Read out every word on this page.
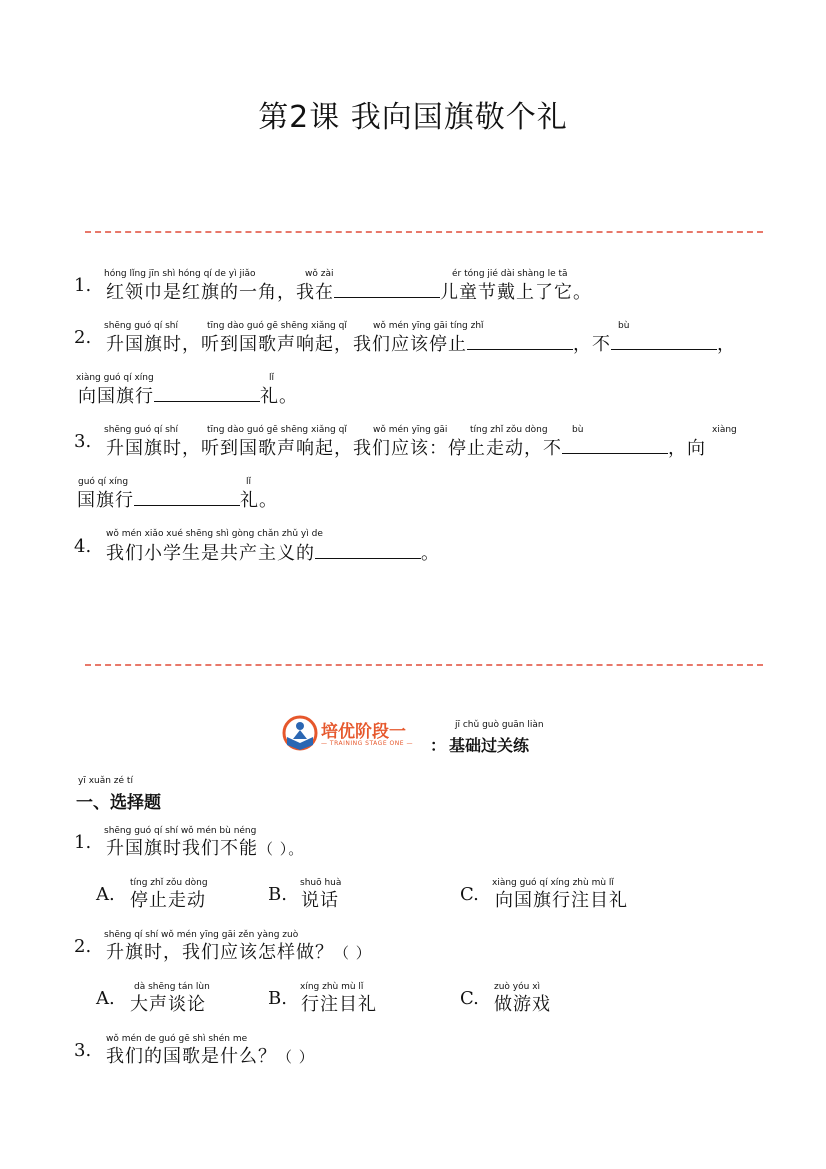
第2课 我向国旗敬个礼
1.
hóng lǐng jīn shì hóng qí de yì jiǎo	wǒ zài	ér tóng jié dài shàng le tā
红领巾是红旗的一角，我在	儿童节戴上了它。
2.
shēng guó qí shí	tīng dào guó gē shēng xiǎng qǐ	wǒ mén yīng gāi tíng zhǐ	bù
升国旗时，听到国歌声响起，我们应该停止	，不	，
xiàng guó qí xíng	lǐ
向国旗行	礼。
3.
shēng guó qí shí	tīng dào guó gē shēng xiǎng qǐ	wǒ mén yīng gāi	tíng zhǐ zǒu dòng	bù	xiàng
升国旗时，听到国歌声响起，我们应该：停止走动，不	，向
guó qí xíng	lǐ
国旗行	礼。
4.
wǒ mén xiǎo xué shēng shì gòng chǎn zhǔ yì de
我们小学生是共产主义的	。
培优阶段一
— TRAINING STAGE ONE — ：
jī chǔ guò guān liàn
基础过关练
yī xuǎn zé tí
一、选择题
1.
shēng guó qí shí wǒ mén bù néng
升国旗时我们不能（ ）。
A.
tíng zhǐ zǒu dòng
停止走动	B.
shuō huà
说话	C.
xiàng guó qí xíng zhù mù lǐ
向国旗行注目礼
2.
shēng qí shí wǒ mén yīng gāi zěn yàng zuò
升旗时，我们应该怎样做？（ ）
A.
dà shēng tán lùn
大声谈论	B.
xíng zhù mù lǐ
行注目礼	C.
zuò yóu xì
做游戏
3.
wǒ mén de guó gē shì shén me
我们的国歌是什么？（ ）
